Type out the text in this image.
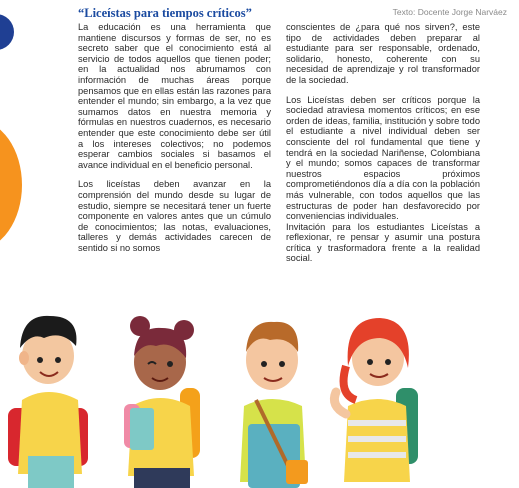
“Liceístas para tiempos críticos”	Texto: Docente Jorge Narváez

La educación es una herramienta que mantiene discursos y formas de ser, no es secreto saber que el conocimiento está al servicio de todos aquellos que tienen poder; en la actualidad nos abrumamos con información de muchas áreas porque pensamos que en ellas están las razones para entender el mundo; sin embargo, a la vez que sumamos datos en nuestra memoria y fórmulas en nuestros cuadernos, es necesario entender que este conocimiento debe ser útil a los intereses colectivos; no podemos esperar cambios sociales si basamos el avance individual en el beneficio personal.

Los liceístas deben avanzar en la comprensión del mundo desde su lugar de estudio, siempre se necesitará tener un fuerte componente en valores antes que un cúmulo de conocimientos; las notas, evaluaciones, talleres y demás actividades carecen de sentido si no somos

conscientes de ¿para qué nos sirven?, este tipo de actividades deben preparar al estudiante para ser responsable, ordenado, solidario, honesto, coherente con su necesidad de aprendizaje y rol transformador de la sociedad.

Los Liceístas deben ser críticos porque la sociedad atraviesa momentos críticos; en ese orden de ideas, familia, institución y sobre todo el estudiante a nivel individual deben ser consciente del rol fundamental que tiene y tendrá en la sociedad Nariñense, Colombiana y el mundo; somos capaces de transformar nuestros espacios próximos comprometiéndonos día a día con la población más vulnerable, con todos aquellos que las estructuras de poder han desfavorecido por conveniencias individuales.

Invitación para los estudiantes Liceístas a reflexionar, re pensar y asumir una postura crítica y trasformadora frente a la realidad social.
